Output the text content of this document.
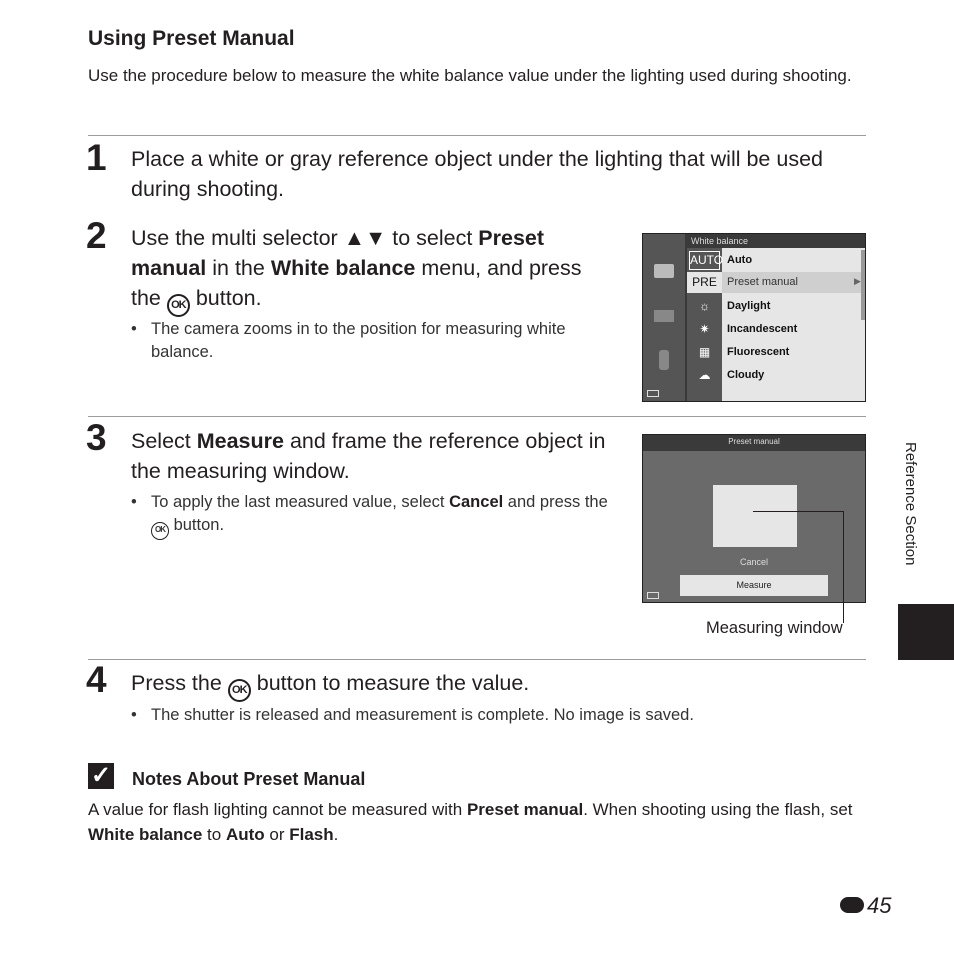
Using Preset Manual
Use the procedure below to measure the white balance value under the lighting used during shooting.
1 Place a white or gray reference object under the lighting that will be used during shooting.
2 Use the multi selector ▲▼ to select Preset manual in the White balance menu, and press the OK button.
• The camera zooms in to the position for measuring white balance.
White balance
AUTO Auto
PRE Preset manual	▶
☼	Daylight
✷	Incandescent
▦	Fluorescent
☁	Cloudy
3 Select Measure and frame the reference object in the measuring window.
• To apply the last measured value, select Cancel and press the OK button.
Preset manual
Cancel
Measure
Measuring window
4 Press the OK button to measure the value.
• The shutter is released and measurement is complete. No image is saved.
✓ Notes About Preset Manual
A value for flash lighting cannot be measured with Preset manual. When shooting using the flash, set White balance to Auto or Flash.
Reference Section
45
